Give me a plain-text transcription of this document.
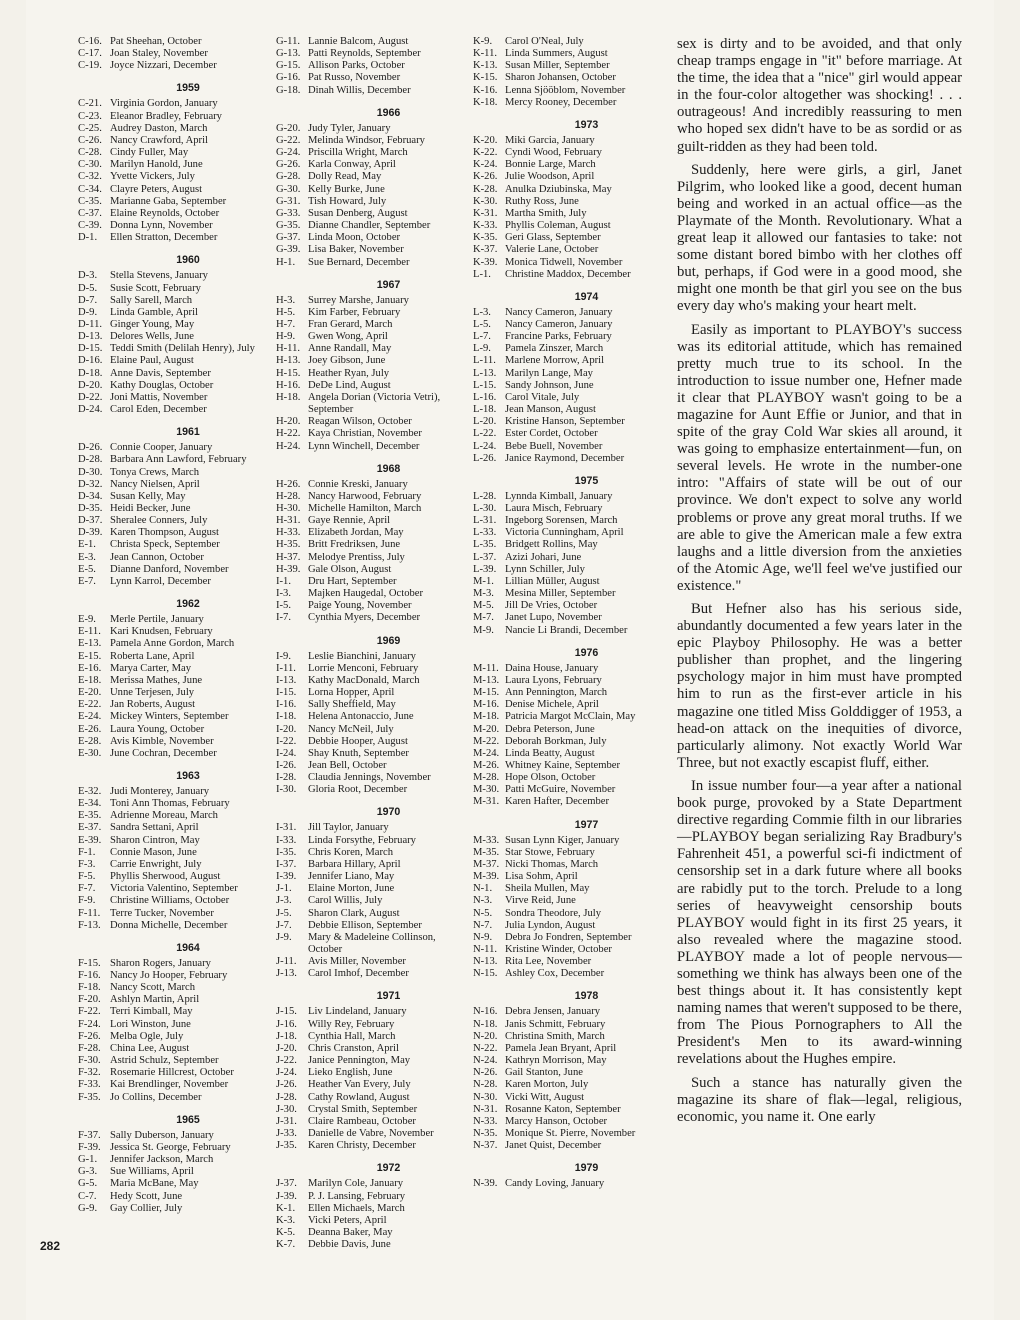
C-16. Pat Sheehan, October
C-17. Joan Staley, November
C-19. Joyce Nizzari, December
1959
C-21. Virginia Gordon, January
C-23. Eleanor Bradley, February
C-25. Audrey Daston, March
C-26. Nancy Crawford, April
C-28. Cindy Fuller, May
C-30. Marilyn Hanold, June
C-32. Yvette Vickers, July
C-34. Clayre Peters, August
C-35. Marianne Gaba, September
C-37. Elaine Reynolds, October
C-39. Donna Lynn, November
D-1.	Ellen Stratton, December
1960
D-3.	Stella Stevens, January
D-5.	Susie Scott, February
D-7.	Sally Sarell, March
D-9.	Linda Gamble, April
D-11. Ginger Young, May
D-13. Delores Wells, June
D-15. Teddi Smith (Delilah Henry), July
D-16. Elaine Paul, August
D-18. Anne Davis, September
D-20. Kathy Douglas, October
D-22. Joni Mattis, November
D-24. Carol Eden, December
1961
D-26. Connie Cooper, January
D-28. Barbara Ann Lawford, February
D-30. Tonya Crews, March
D-32. Nancy Nielsen, April
D-34. Susan Kelly, May
D-35. Heidi Becker, June
D-37. Sheralee Conners, July
D-39. Karen Thompson, August
E-1.	Christa Speck, September
E-3.	Jean Cannon, October
E-5.	Dianne Danford, November
E-7.	Lynn Karrol, December
1962
E-9.	Merle Pertile, January
E-11. Kari Knudsen, February
E-13. Pamela Anne Gordon, March
E-15. Roberta Lane, April
E-16. Marya Carter, May
E-18. Merissa Mathes, June
E-20. Unne Terjesen, July
E-22. Jan Roberts, August
E-24. Mickey Winters, September
E-26. Laura Young, October
E-28. Avis Kimble, November
E-30. June Cochran, December
1963
E-32. Judi Monterey, January
E-34. Toni Ann Thomas, February
E-35. Adrienne Moreau, March
E-37. Sandra Settani, April
E-39. Sharon Cintron, May
F-1.	Connie Mason, June
F-3.	Carrie Enwright, July
F-5.	Phyllis Sherwood, August
F-7.	Victoria Valentino, September
F-9.	Christine Williams, October
F-11. Terre Tucker, November
F-13. Donna Michelle, December
1964
F-15. Sharon Rogers, January
F-16. Nancy Jo Hooper, February
F-18. Nancy Scott, March
F-20. Ashlyn Martin, April
F-22. Terri Kimball, May
F-24. Lori Winston, June
F-26. Melba Ogle, July
F-28. China Lee, August
F-30. Astrid Schulz, September
F-32. Rosemarie Hillcrest, October
F-33. Kai Brendlinger, November
F-35. Jo Collins, December
1965
F-37. Sally Duberson, January
F-39. Jessica St. George, February
G-1.	Jennifer Jackson, March
G-3.	Sue Williams, April
G-5.	Maria McBane, May
C-7.	Hedy Scott, June
G-9.	Gay Collier, July
G-11. Lannie Balcom, August
G-13. Patti Reynolds, September
G-15. Allison Parks, October
G-16. Pat Russo, November
G-18. Dinah Willis, December
1966
G-20. Judy Tyler, January
G-22. Melinda Windsor, February
G-24. Priscilla Wright, March
G-26. Karla Conway, April
G-28. Dolly Read, May
G-30. Kelly Burke, June
G-31. Tish Howard, July
G-33. Susan Denberg, August
G-35. Dianne Chandler, September
G-37. Linda Moon, October
G-39. Lisa Baker, November
H-1.	Sue Bernard, December
1967
H-3.	Surrey Marshe, January
H-5.	Kim Farber, February
H-7.	Fran Gerard, March
H-9.	Gwen Wong, April
H-11. Anne Randall, May
H-13. Joey Gibson, June
H-15. Heather Ryan, July
H-16. DeDe Lind, August
H-18. Angela Dorian (Victoria Vetri), September
H-20. Reagan Wilson, October
H-22. Kaya Christian, November
H-24. Lynn Winchell, December
1968
H-26. Connie Kreski, January
H-28. Nancy Harwood, February
H-30. Michelle Hamilton, March
H-31. Gaye Rennie, April
H-33. Elizabeth Jordan, May
H-35. Britt Fredriksen, June
H-37. Melodye Prentiss, July
H-39. Gale Olson, August
I-1.	Dru Hart, September
I-3.	Majken Haugedal, October
I-5.	Paige Young, November
I-7.	Cynthia Myers, December
1969
I-9.	Leslie Bianchini, January
I-11.	Lorrie Menconi, February
I-13.	Kathy MacDonald, March
I-15.	Lorna Hopper, April
I-16.	Sally Sheffield, May
I-18.	Helena Antonaccio, June
I-20.	Nancy McNeil, July
I-22.	Debbie Hooper, August
I-24.	Shay Knuth, September
I-26.	Jean Bell, October
I-28.	Claudia Jennings, November
I-30.	Gloria Root, December
1970
I-31.	Jill Taylor, January
I-33.	Linda Forsythe, February
I-35.	Chris Koren, March
I-37.	Barbara Hillary, April
I-39.	Jennifer Liano, May
J-1.	Elaine Morton, June
J-3.	Carol Willis, July
J-5.	Sharon Clark, August
J-7.	Debbie Ellison, September
J-9.	Mary & Madeleine Collinson, October
J-11.	Avis Miller, November
J-13.	Carol Imhof, December
1971
J-15.	Liv Lindeland, January
J-16.	Willy Rey, February
J-18.	Cynthia Hall, March
J-20.	Chris Cranston, April
J-22.	Janice Pennington, May
J-24.	Lieko English, June
J-26.	Heather Van Every, July
J-28.	Cathy Rowland, August
J-30.	Crystal Smith, September
J-31.	Claire Rambeau, October
J-33.	Danielle de Vabre, November
J-35.	Karen Christy, December
1972
J-37.	Marilyn Cole, January
J-39.	P. J. Lansing, February
K-1.	Ellen Michaels, March
K-3.	Vicki Peters, April
K-5.	Deanna Baker, May
K-7.	Debbie Davis, June
K-9.	Carol O'Neal, July
K-11. Linda Summers, August
K-13. Susan Miller, September
K-15. Sharon Johansen, October
K-16. Lenna Sjööblom, November
K-18. Mercy Rooney, December
1973
K-20. Miki Garcia, January
K-22. Cyndi Wood, February
K-24. Bonnie Large, March
K-26. Julie Woodson, April
K-28. Anulka Dziubinska, May
K-30. Ruthy Ross, June
K-31. Martha Smith, July
K-33. Phyllis Coleman, August
K-35. Geri Glass, September
K-37. Valerie Lane, October
K-39. Monica Tidwell, November
L-1.	Christine Maddox, December
1974
L-3.	Nancy Cameron, January
L-5.	Nancy Cameron, January
L-7.	Francine Parks, February
L-9.	Pamela Zinszer, March
L-11. Marlene Morrow, April
L-13. Marilyn Lange, May
L-15. Sandy Johnson, June
L-16. Carol Vitale, July
L-18. Jean Manson, August
L-20. Kristine Hanson, September
L-22. Ester Cordet, October
L-24. Bebe Buell, November
L-26. Janice Raymond, December
1975
L-28. Lynnda Kimball, January
L-30. Laura Misch, February
L-31. Ingeborg Sorensen, March
L-33. Victoria Cunningham, April
L-35. Bridgett Rollins, May
L-37. Azizi Johari, June
L-39. Lynn Schiller, July
M-1.	Lillian Müller, August
M-3.	Mesina Miller, September
M-5.	Jill De Vries, October
M-7.	Janet Lupo, November
M-9.	Nancie Li Brandi, December
1976
M-11. Daina House, January
M-13. Laura Lyons, February
M-15. Ann Pennington, March
M-16. Denise Michele, April
M-18. Patricia Margot McClain, May
M-20. Debra Peterson, June
M-22. Deborah Borkman, July
M-24. Linda Beatty, August
M-26. Whitney Kaine, September
M-28. Hope Olson, October
M-30. Patti McGuire, November
M-31. Karen Hafter, December
1977
M-33. Susan Lynn Kiger, January
M-35. Star Stowe, February
M-37. Nicki Thomas, March
M-39. Lisa Sohm, April
N-1.	Sheila Mullen, May
N-3.	Virve Reid, June
N-5.	Sondra Theodore, July
N-7.	Julia Lyndon, August
N-9.	Debra Jo Fondren, September
N-11. Kristine Winder, October
N-13. Rita Lee, November
N-15. Ashley Cox, December
1978
N-16. Debra Jensen, January
N-18. Janis Schmitt, February
N-20. Christina Smith, March
N-22. Pamela Jean Bryant, April
N-24. Kathryn Morrison, May
N-26. Gail Stanton, June
N-28. Karen Morton, July
N-30. Vicki Witt, August
N-31. Rosanne Katon, September
N-33. Marcy Hanson, October
N-35. Monique St. Pierre, November
N-37. Janet Quist, December
1979
N-39. Candy Loving, January

sex is dirty and to be avoided, and that only cheap tramps engage in "it" before marriage. At the time, the idea that a "nice" girl would appear in the four-color altogether was shocking! . . . outrageous! And incredibly reassuring to men who hoped sex didn't have to be as sordid or as guilt-ridden as they had been told.

Suddenly, here were girls, a girl, Janet Pilgrim, who looked like a good, decent human being and worked in an actual office—as the Playmate of the Month. Revolutionary. What a great leap it allowed our fantasies to take: not some distant bored bimbo with her clothes off but, perhaps, if God were in a good mood, she might one month be that girl you see on the bus every day who's making your heart melt.

Easily as important to PLAYBOY's success was its editorial attitude, which has remained pretty much true to its school. In the introduction to issue number one, Hefner made it clear that PLAYBOY wasn't going to be a magazine for Aunt Effie or Junior, and that in spite of the gray Cold War skies all around, it was going to emphasize entertainment—fun, on several levels. He wrote in the number-one intro: "Affairs of state will be out of our province. We don't expect to solve any world problems or prove any great moral truths. If we are able to give the American male a few extra laughs and a little diversion from the anxieties of the Atomic Age, we'll feel we've justified our existence."

But Hefner also has his serious side, abundantly documented a few years later in the epic Playboy Philosophy. He was a better publisher than prophet, and the lingering psychology major in him must have prompted him to run as the first-ever article in his magazine one titled Miss Golddigger of 1953, a head-on attack on the inequities of divorce, particularly alimony. Not exactly World War Three, but not exactly escapist fluff, either.

In issue number four—a year after a national book purge, provoked by a State Department directive regarding Commie filth in our libraries—PLAYBOY began serializing Ray Bradbury's Fahrenheit 451, a powerful sci-fi indictment of censorship set in a dark future where all books are rabidly put to the torch. Prelude to a long series of heavyweight censorship bouts PLAYBOY would fight in its first 25 years, it also revealed where the magazine stood. PLAYBOY made a lot of people nervous—something we think has always been one of the best things about it. It has consistently kept naming names that weren't supposed to be there, from The Pious Pornographers to All the President's Men to its award-winning revelations about the Hughes empire.

Such a stance has naturally given the magazine its share of flak—legal, religious, economic, you name it. One early

282
